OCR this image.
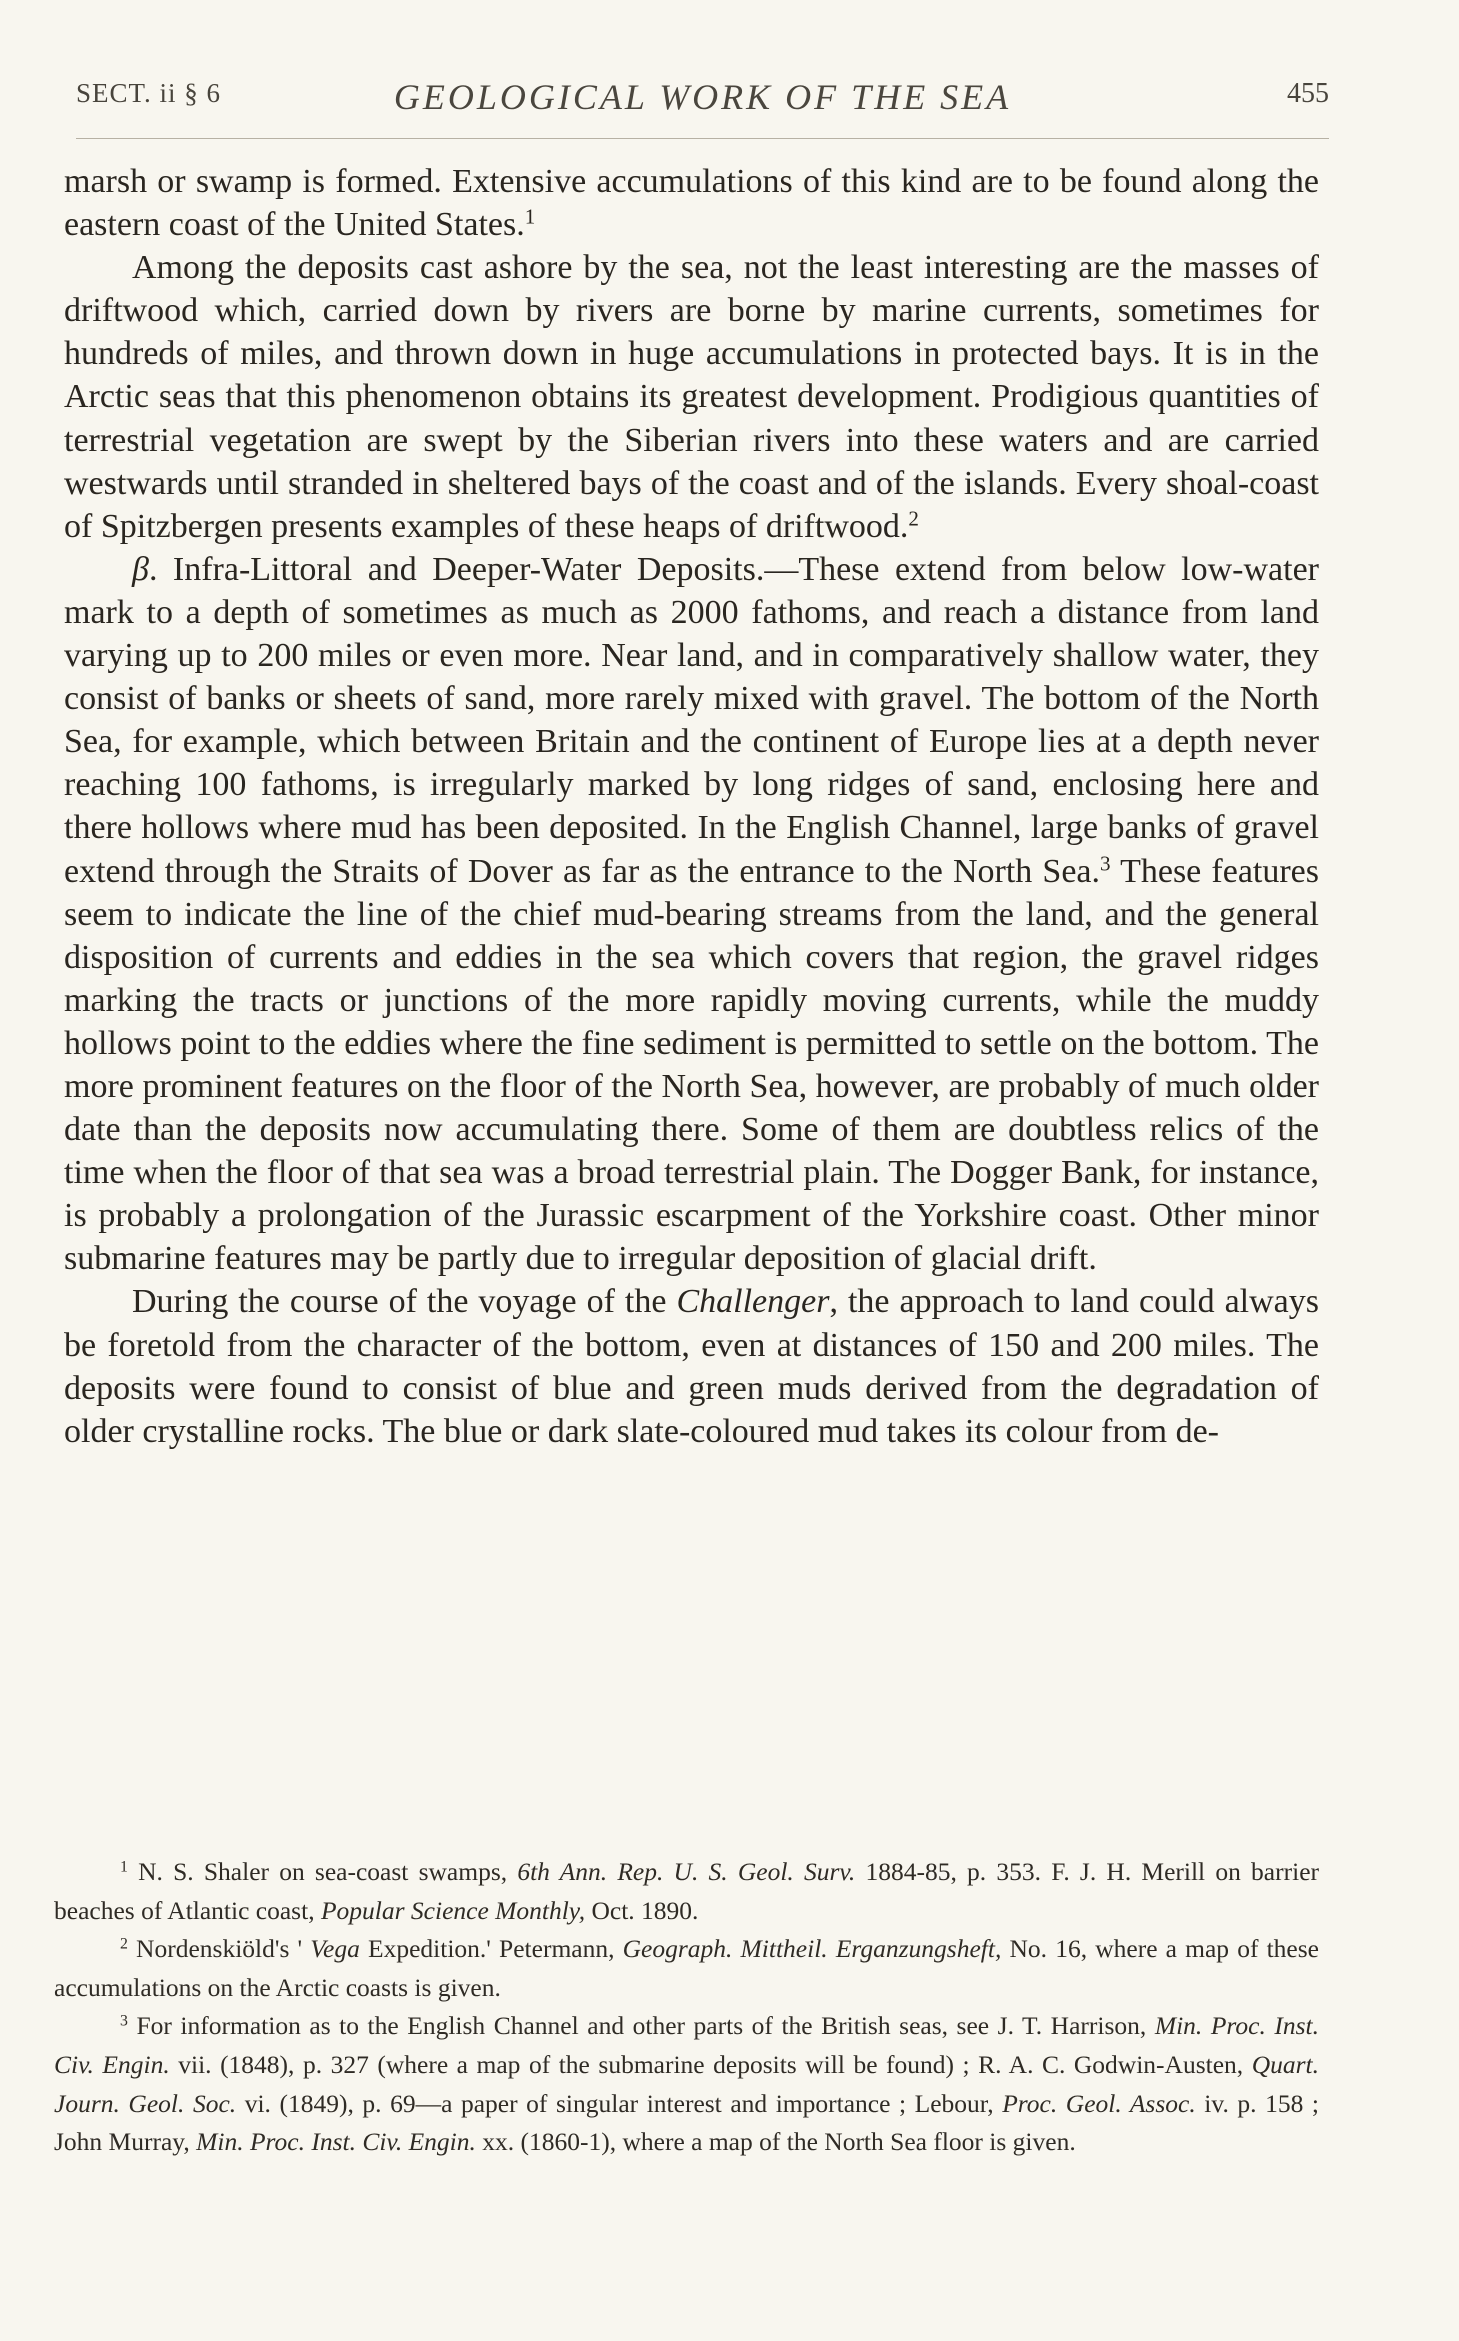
SECT. ii § 6	GEOLOGICAL WORK OF THE SEA	455

marsh or swamp is formed. Extensive accumulations of this kind are to be found along the eastern coast of the United States.$^1$

Among the deposits cast ashore by the sea, not the least interesting are the masses of driftwood which, carried down by rivers are borne by marine currents, sometimes for hundreds of miles, and thrown down in huge accumulations in protected bays. It is in the Arctic seas that this phenomenon obtains its greatest development. Prodigious quantities of terrestrial vegetation are swept by the Siberian rivers into these waters and are carried westwards until stranded in sheltered bays of the coast and of the islands. Every shoal-coast of Spitzbergen presents examples of these heaps of driftwood.$^2$

β. Infra-Littoral and Deeper-Water Deposits.—These extend from below low-water mark to a depth of sometimes as much as 2000 fathoms, and reach a distance from land varying up to 200 miles or even more. Near land, and in comparatively shallow water, they consist of banks or sheets of sand, more rarely mixed with gravel. The bottom of the North Sea, for example, which between Britain and the continent of Europe lies at a depth never reaching 100 fathoms, is irregularly marked by long ridges of sand, enclosing here and there hollows where mud has been deposited. In the English Channel, large banks of gravel extend through the Straits of Dover as far as the entrance to the North Sea.$^3$ These features seem to indicate the line of the chief mud-bearing streams from the land, and the general disposition of currents and eddies in the sea which covers that region, the gravel ridges marking the tracts or junctions of the more rapidly moving currents, while the muddy hollows point to the eddies where the fine sediment is permitted to settle on the bottom. The more prominent features on the floor of the North Sea, however, are probably of much older date than the deposits now accumulating there. Some of them are doubtless relics of the time when the floor of that sea was a broad terrestrial plain. The Dogger Bank, for instance, is probably a prolongation of the Jurassic escarpment of the Yorkshire coast. Other minor submarine features may be partly due to irregular deposition of glacial drift.

During the course of the voyage of the Challenger, the approach to land could always be foretold from the character of the bottom, even at distances of 150 and 200 miles. The deposits were found to consist of blue and green muds derived from the degradation of older crystalline rocks. The blue or dark slate-coloured mud takes its colour from de-

$^1$ N. S. Shaler on sea-coast swamps, 6th Ann. Rep. U. S. Geol. Surv. 1884-85, p. 353. F. J. H. Merill on barrier beaches of Atlantic coast, Popular Science Monthly, Oct. 1890.

$^2$ Nordenskiöld's ' Vega Expedition.' Petermann, Geograph. Mittheil. Erganzungsheft, No. 16, where a map of these accumulations on the Arctic coasts is given.

$^3$ For information as to the English Channel and other parts of the British seas, see J. T. Harrison, Min. Proc. Inst. Civ. Engin. vii. (1848), p. 327 (where a map of the submarine deposits will be found) ; R. A. C. Godwin-Austen, Quart. Journ. Geol. Soc. vi. (1849), p. 69—a paper of singular interest and importance ; Lebour, Proc. Geol. Assoc. iv. p. 158 ; John Murray, Min. Proc. Inst. Civ. Engin. xx. (1860-1), where a map of the North Sea floor is given.
